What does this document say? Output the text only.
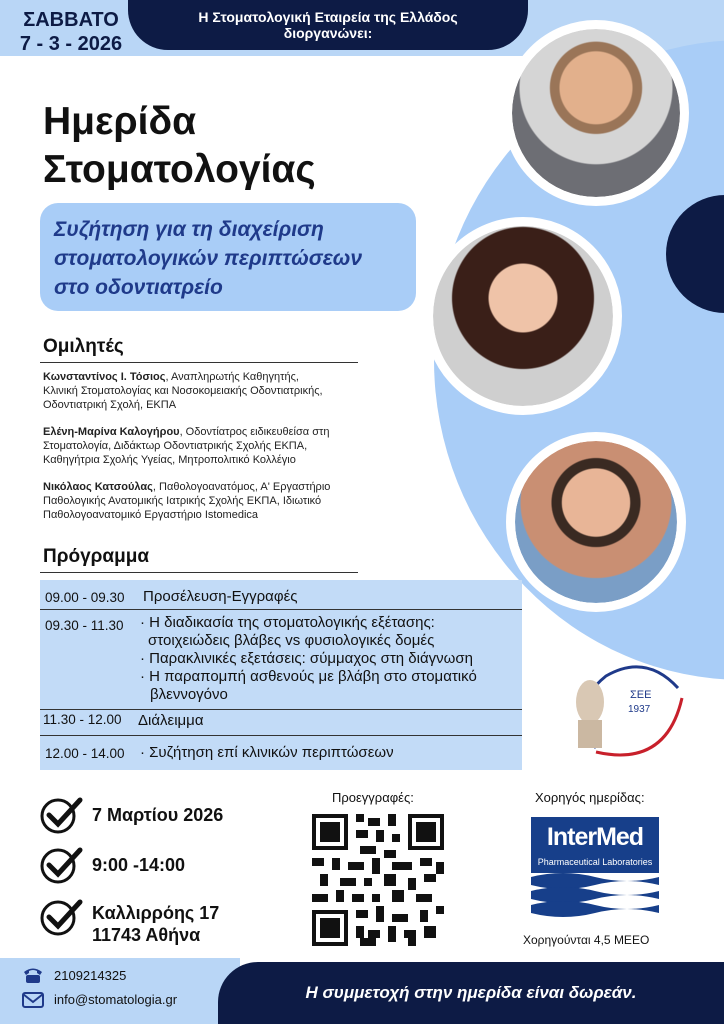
ΣΑΒΒΑΤΟ
7 - 3 - 2026
Η Στοματολογική Εταιρεία της Ελλάδος
διοργανώνει:
Ημερίδα
Στοματολογίας
Συζήτηση για τη διαχείριση
στοματολογικών περιπτώσεων
στο οδοντιατρείο
Ομιλητές
Κωνσταντίνος Ι. Τόσιος, Αναπληρωτής Καθηγητής,
Κλινική Στοματολογίας και Νοσοκομειακής Οδοντιατρικής,
Οδοντιατρική Σχολή, ΕΚΠΑ
Ελένη-Μαρίνα Καλογήρου, Οδοντίατρος ειδικευθείσα στη
Στοματολογία, Διδάκτωρ Οδοντιατρικής Σχολής ΕΚΠΑ,
Καθηγήτρια Σχολής Υγείας, Μητροπολιτικό Κολλέγιο
Νικόλαος Κατσούλας, Παθολογοανατόμος, Α' Εργαστήριο
Παθολογικής Ανατομικής Ιατρικής Σχολής ΕΚΠΑ, Ιδιωτικό
Παθολογοανατομικό Εργαστήριο Istomedica
Πρόγραμμα
09.00 - 09.30 Προσέλευση-Εγγραφές
09.30 - 11.30 · Η διαδικασία της στοματολογικής εξέτασης:
στοιχειώδεις βλάβες vs φυσιολογικές δομές
· Παρακλινικές εξετάσεις: σύμμαχος στη διάγνωση
· Η παραπομπή ασθενούς με βλάβη στο στοματικό
βλεννογόνο
11.30 - 12.00 Διάλειμμα
12.00 - 14.00 · Συζήτηση επί κλινικών περιπτώσεων
ΣΕΕ
1937
7 Μαρτίου 2026
9:00 -14:00
Καλλιρρόης 17
11743 Αθήνα
Προεγγραφές:	Χορηγός ημερίδας:
InterMed
Pharmaceutical Laboratories
Χορηγούνται 4,5 ΜΕΕΟ
2109214325
info@stomatologia.gr	Η συμμετοχή στην ημερίδα είναι δωρεάν.
